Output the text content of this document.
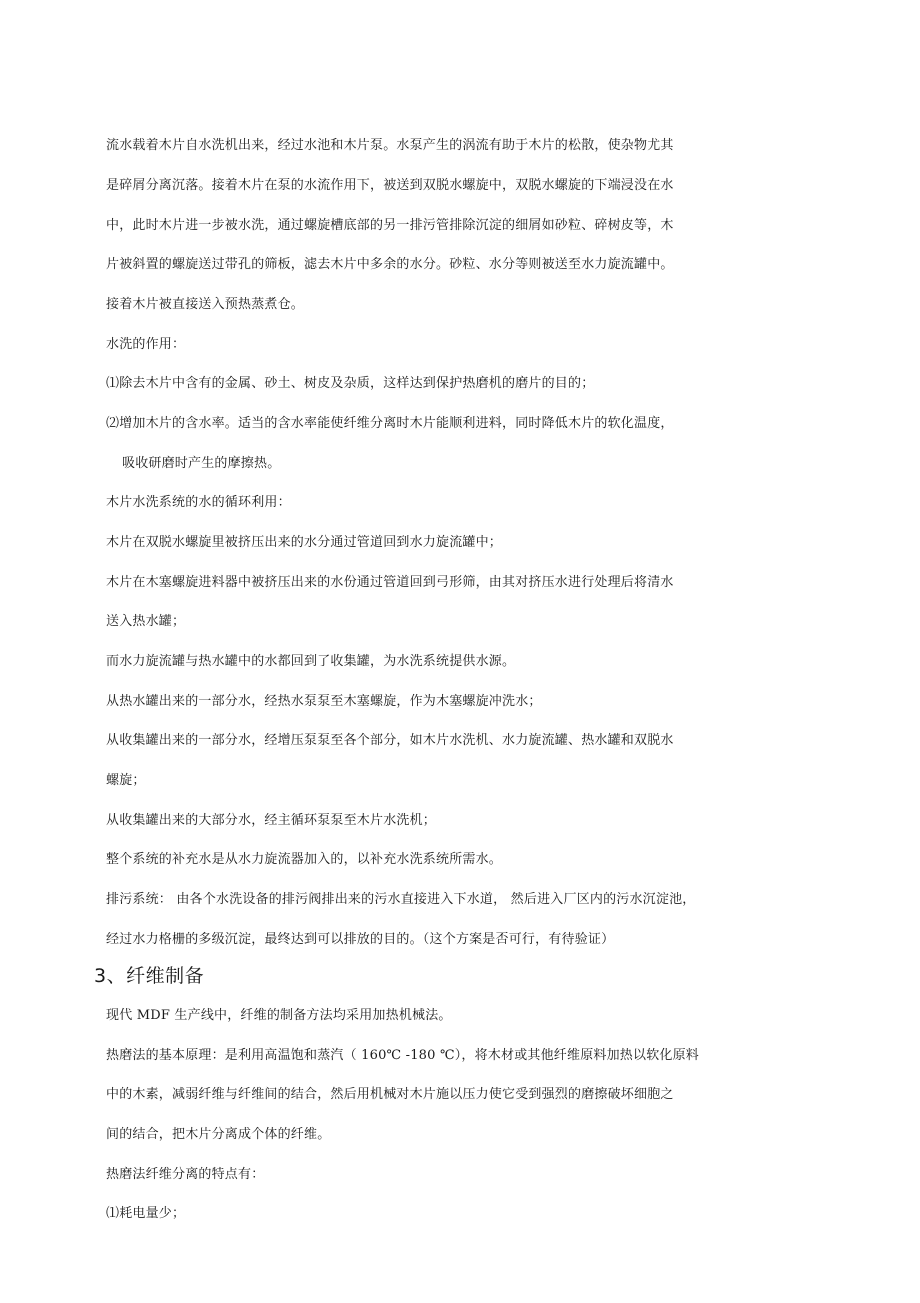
流水载着木片自水洗机出来，经过水池和木片泵。水泵产生的涡流有助于木片的松散，使杂物尤其
是碎屑分离沉落。接着木片在泵的水流作用下，被送到双脱水螺旋中，双脱水螺旋的下端浸没在水
中，此时木片进一步被水洗，通过螺旋槽底部的另一排污管排除沉淀的细屑如砂粒、碎树皮等，木
片被斜置的螺旋送过带孔的筛板，滤去木片中多余的水分。砂粒、水分等则被送至水力旋流罐中。
接着木片被直接送入预热蒸煮仓。
水洗的作用：
⑴除去木片中含有的金属、砂土、树皮及杂质，这样达到保护热磨机的磨片的目的；
⑵增加木片的含水率。适当的含水率能使纤维分离时木片能顺利进料，同时降低木片的软化温度，
吸收研磨时产生的摩擦热。
木片水洗系统的水的循环利用：
木片在双脱水螺旋里被挤压出来的水分通过管道回到水力旋流罐中；
木片在木塞螺旋进料器中被挤压出来的水份通过管道回到弓形筛，由其对挤压水进行处理后将清水
送入热水罐；
而水力旋流罐与热水罐中的水都回到了收集罐，为水洗系统提供水源。
从热水罐出来的一部分水，经热水泵泵至木塞螺旋，作为木塞螺旋冲洗水；
从收集罐出来的一部分水，经增压泵泵至各个部分，如木片水洗机、水力旋流罐、热水罐和双脱水
螺旋；
从收集罐出来的大部分水，经主循环泵泵至木片水洗机；
整个系统的补充水是从水力旋流器加入的，以补充水洗系统所需水。
排污系统： 由各个水洗设备的排污阀排出来的污水直接进入下水道， 然后进入厂区内的污水沉淀池，
经过水力格栅的多级沉淀，最终达到可以排放的目的。（这个方案是否可行，有待验证）
3、纤维制备
现代 MDF 生产线中，纤维的制备方法均采用加热机械法。
热磨法的基本原理：是利用高温饱和蒸汽（ 160℃ -180 ℃），将木材或其他纤维原料加热以软化原料
中的木素，减弱纤维与纤维间的结合，然后用机械对木片施以压力使它受到强烈的磨擦破坏细胞之
间的结合，把木片分离成个体的纤维。
热磨法纤维分离的特点有：
⑴耗电量少；
